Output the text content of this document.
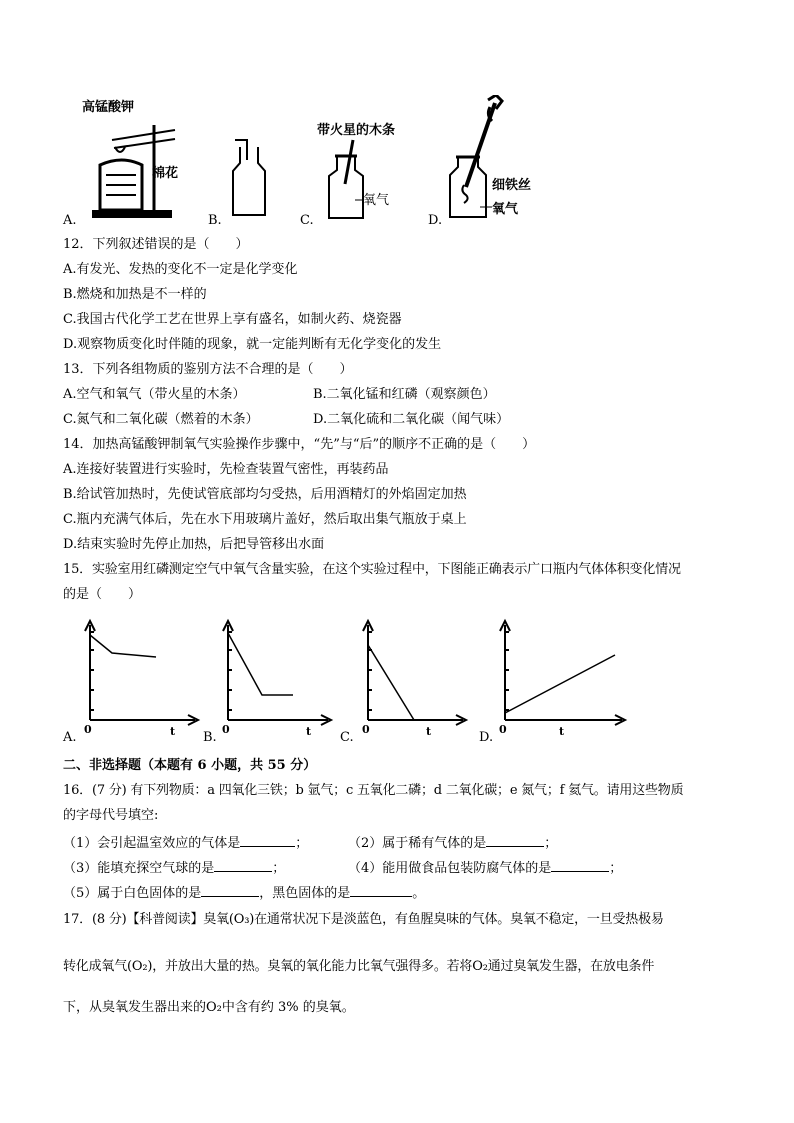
高锰酸钾
棉花
A.	B.
带火星的木条
氧气
C.
细铁丝
氧气
D.
12．下列叙述错误的是（　　）
A.有发光、发热的变化不一定是化学变化
B.燃烧和加热是不一样的
C.我国古代化学工艺在世界上享有盛名，如制火药、烧瓷器
D.观察物质变化时伴随的现象，就一定能判断有无化学变化的发生
13．下列各组物质的鉴别方法不合理的是（　　）
A.空气和氧气（带火星的木条）	B.二氧化锰和红磷（观察颜色）
C.氮气和二氧化碳（燃着的木条）	D.二氧化硫和二氧化碳（闻气味）
14．加热高锰酸钾制氧气实验操作步骤中，“先”与“后”的顺序不正确的是（　　）
A.连接好装置进行实验时，先检查装置气密性，再装药品
B.给试管加热时，先使试管底部均匀受热，后用酒精灯的外焰固定加热
C.瓶内充满气体后，先在水下用玻璃片盖好，然后取出集气瓶放于桌上
D.结束实验时先停止加热，后把导管移出水面
15．实验室用红磷测定空气中氧气含量实验，在这个实验过程中，下图能正确表示广口瓶内气体体积变化情况
的是（　　）
0	t
A.
0	t
B.
0	t
C.
0	t
D.
二、非选择题（本题有 6 小题，共 55 分）
16．(7 分) 有下列物质：a 四氧化三铁；b 氩气；c 五氧化二磷；d 二氧化碳；e 氮气；f 氦气。请用这些物质
的字母代号填空:
（1）会引起温室效应的气体是	；	（2）属于稀有气体的是	；
（3）能填充探空气球的是	；	（4）能用做食品包装防腐气体的是	；
（5）属于白色固体的是	，黑色固体的是	。
17．(8 分)【科普阅读】臭氧(O₃)在通常状况下是淡蓝色，有鱼腥臭味的气体。臭氧不稳定，一旦受热极易
转化成氧气(O₂)，并放出大量的热。臭氧的氧化能力比氧气强得多。若将O₂通过臭氧发生器，在放电条件
下，从臭氧发生器出来的O₂中含有约 3% 的臭氧。
